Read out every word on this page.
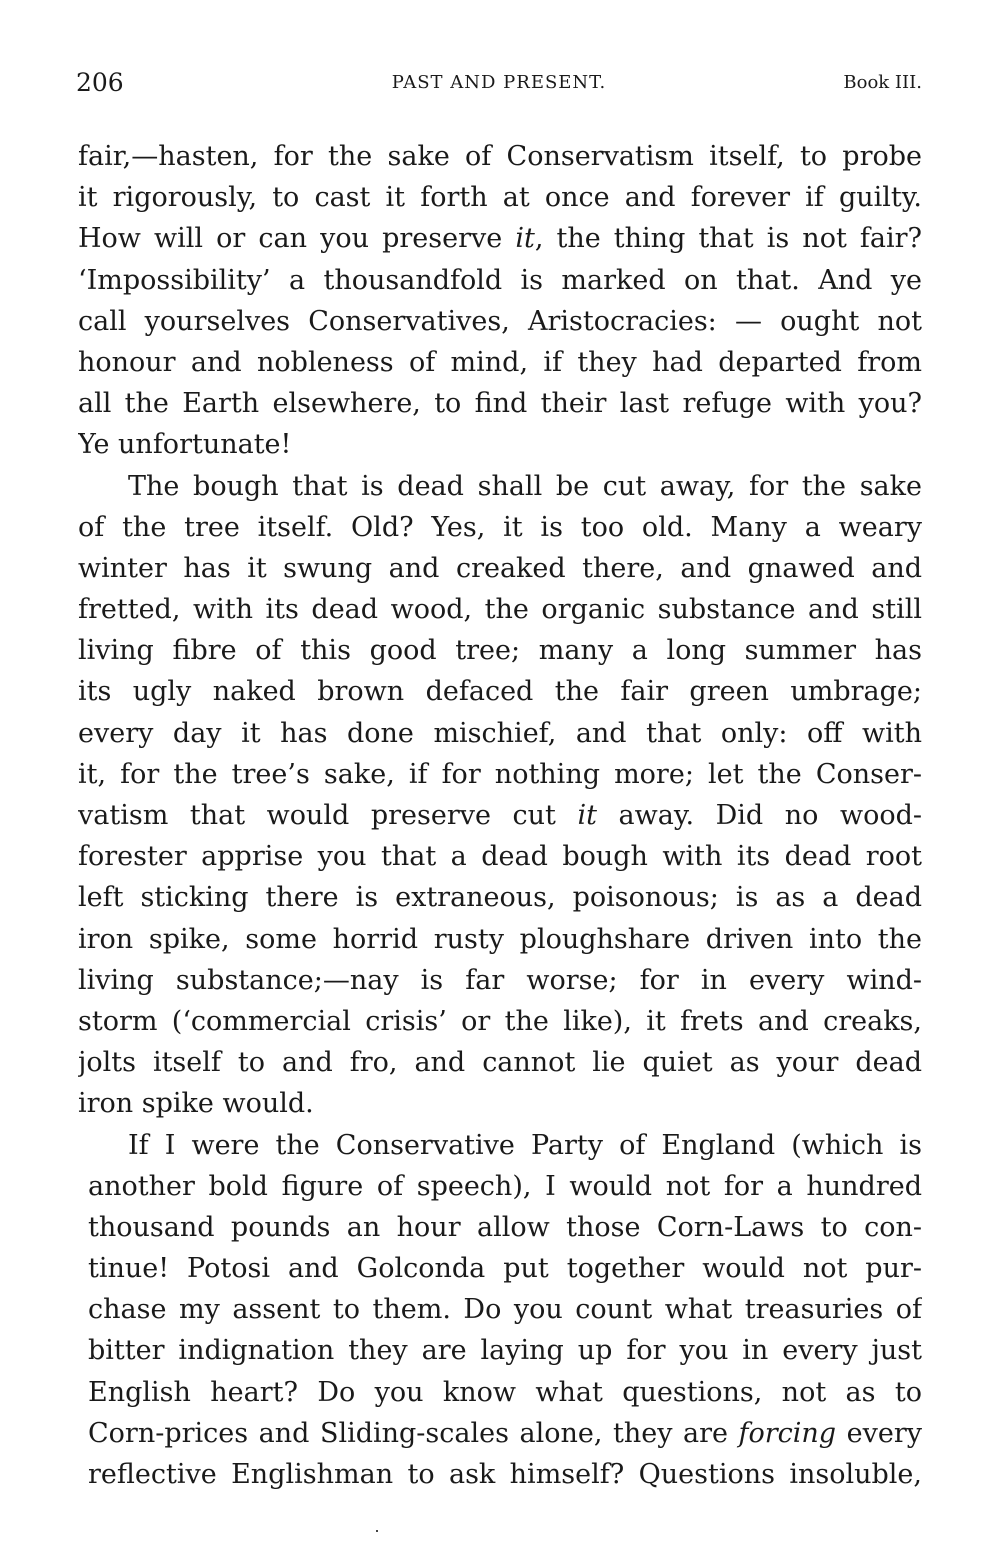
206	PAST AND PRESENT.	Book III.
fair,—hasten, for the sake of Conservatism itself, to probe
it rigorously, to cast it forth at once and forever if guilty.
How will or can you preserve it, the thing that is not fair?
‘Impossibility’ a thousandfold is marked on that. And ye
call yourselves Conservatives, Aristocracies: — ought not
honour and nobleness of mind, if they had departed from
all the Earth elsewhere, to find their last refuge with you?
Ye unfortunate!
The bough that is dead shall be cut away, for the sake
of the tree itself. Old? Yes, it is too old. Many a weary
winter has it swung and creaked there, and gnawed and
fretted, with its dead wood, the organic substance and still
living fibre of this good tree; many a long summer has
its ugly naked brown defaced the fair green umbrage;
every day it has done mischief, and that only: off with
it, for the tree’s sake, if for nothing more; let the Conser-
vatism that would preserve cut it away. Did no wood-
forester apprise you that a dead bough with its dead root
left sticking there is extraneous, poisonous; is as a dead
iron spike, some horrid rusty ploughshare driven into the
living substance;—nay is far worse; for in every wind-
storm (‘commercial crisis’ or the like), it frets and creaks,
jolts itself to and fro, and cannot lie quiet as your dead
iron spike would.
If I were the Conservative Party of England (which is
another bold figure of speech), I would not for a hundred
thousand pounds an hour allow those Corn-Laws to con-
tinue! Potosi and Golconda put together would not pur-
chase my assent to them. Do you count what treasuries of
bitter indignation they are laying up for you in every just
English heart? Do you know what questions, not as to
Corn-prices and Sliding-scales alone, they are forcing every
reflective Englishman to ask himself? Questions insoluble,
